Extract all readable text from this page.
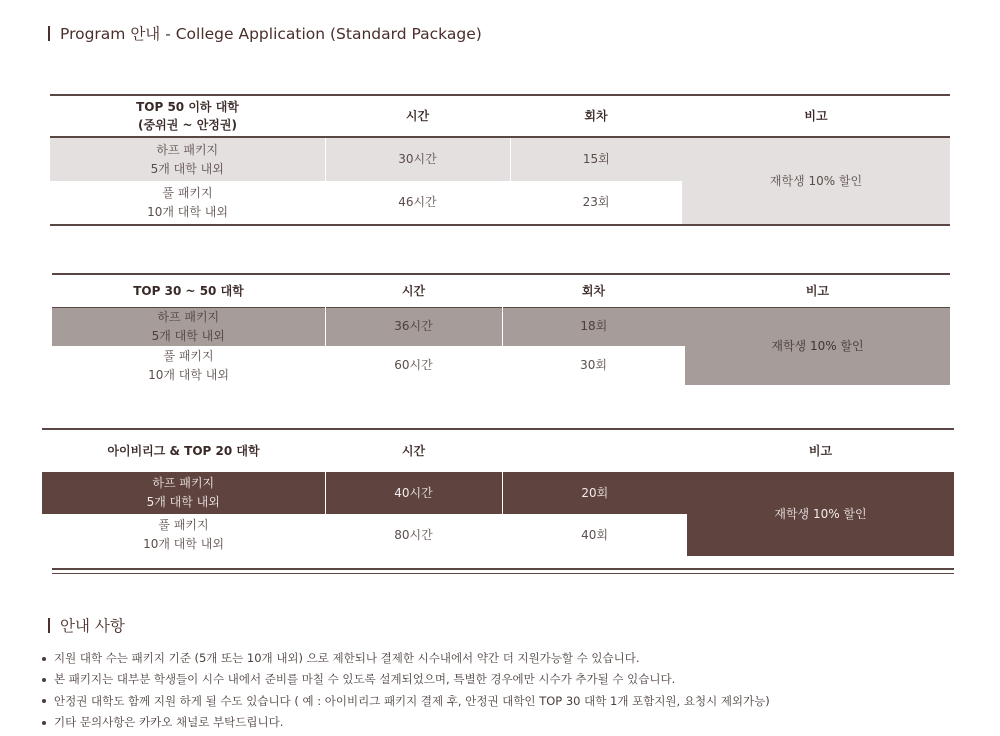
Program 안내 - College Application (Standard Package)
TOP 50 이하 대학
(중위권 ~ 안정권)	시간	회차	비고

하프 패키지
5개 대학 내외	30시간	15회	재학생 10% 할인

풀 패키지
10개 대학 내외	46시간	23회	
TOP 30 ~ 50 대학	시간	회차	비고

하프 패키지
5개 대학 내외	36시간	18회	재학생 10% 할인

풀 패키지
10개 대학 내외	60시간	30회	
아이비리그 & TOP 20 대학	시간		비고

하프 패키지
5개 대학 내외	40시간	20회	재학생 10% 할인

풀 패키지
10개 대학 내외	80시간	40회	
안내 사항
지원 대학 수는 패키지 기준 (5개 또는 10개 내외) 으로 제한되나 결제한 시수내에서 약간 더 지원가능할 수 있습니다.
본 패키지는 대부분 학생들이 시수 내에서 준비를 마칠 수 있도록 설계되었으며, 특별한 경우에만 시수가 추가될 수 있습니다.
안정권 대학도 함께 지원 하게 될 수도 있습니다 ( 예 : 아이비리그 패키지 결제 후, 안정권 대학인 TOP 30 대학 1개 포함지원, 요청시 제외가능)
기타 문의사항은 카카오 채널로 부탁드립니다.
